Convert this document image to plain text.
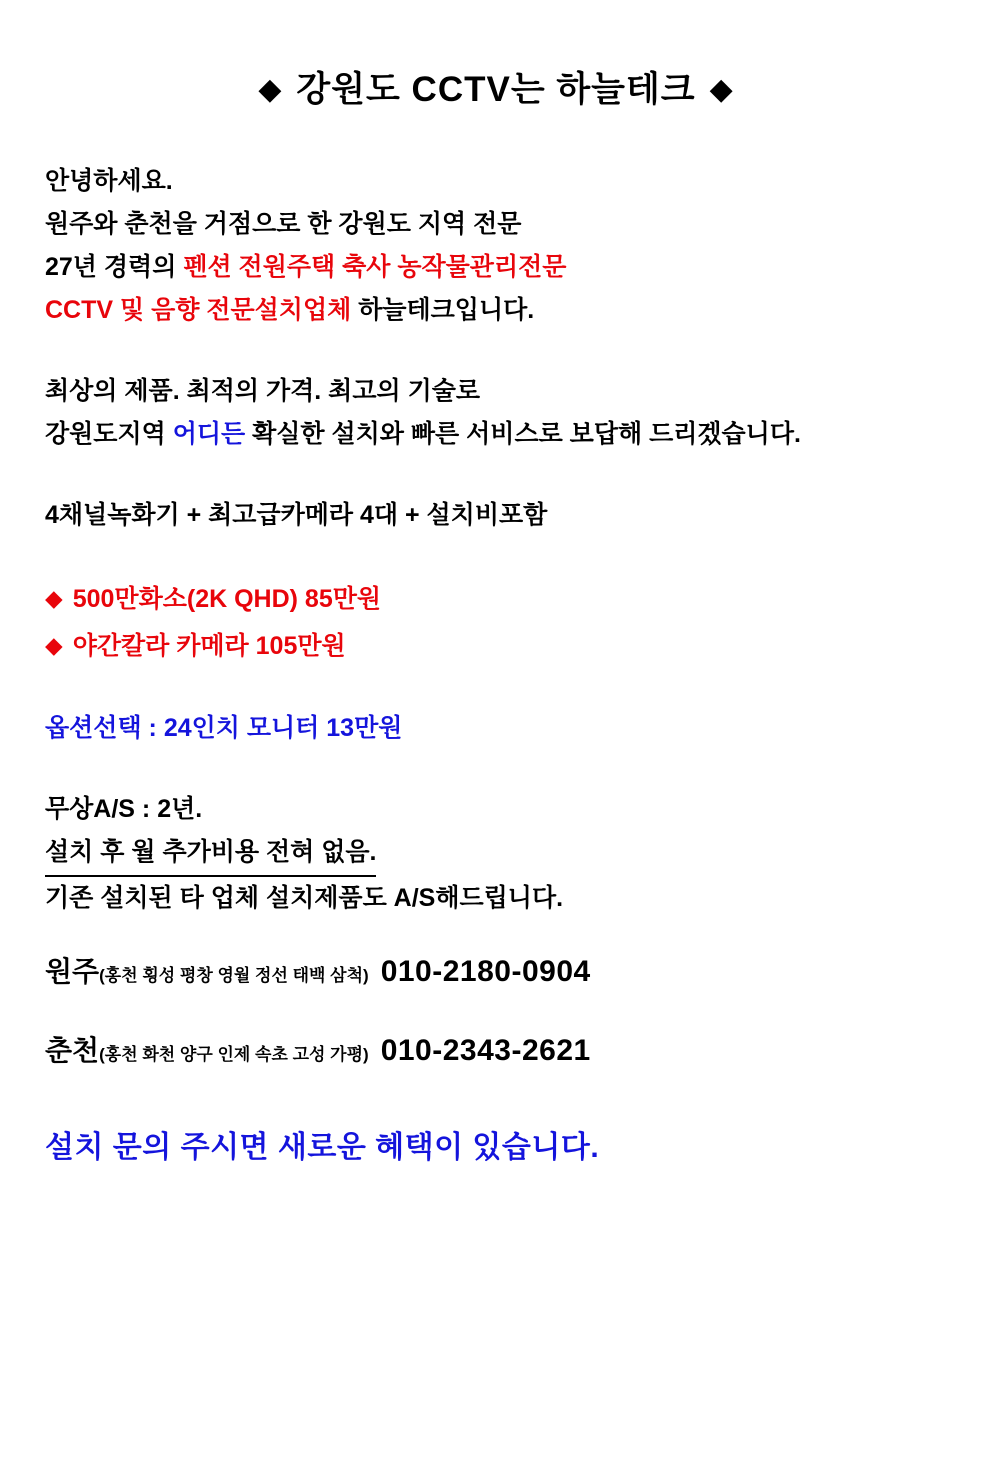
◆ 강원도 CCTV는 하늘테크 ◆
안녕하세요.
원주와 춘천을 거점으로 한 강원도 지역 전문
27년 경력의 펜션 전원주택 축사 농작물관리전문
CCTV 및 음향 전문설치업체 하늘테크입니다.
최상의 제품. 최적의 가격. 최고의 기술로
강원도지역 어디든 확실한 설치와 빠른 서비스로 보답해 드리겠습니다.
4채널녹화기 + 최고급카메라 4대 + 설치비포함
◆ 500만화소(2K QHD) 85만원
◆ 야간칼라 카메라 105만원
옵션선택 : 24인치 모니터 13만원
무상A/S : 2년.
설치 후 월 추가비용 전혀 없음.
기존 설치된 타 업체 설치제품도 A/S해드립니다.
원주(홍천 횡성 평창 영월 정선 태백 삼척) 010-2180-0904
춘천(홍천 화천 양구 인제 속초 고성 가평) 010-2343-2621
설치 문의 주시면 새로운 혜택이 있습니다.
